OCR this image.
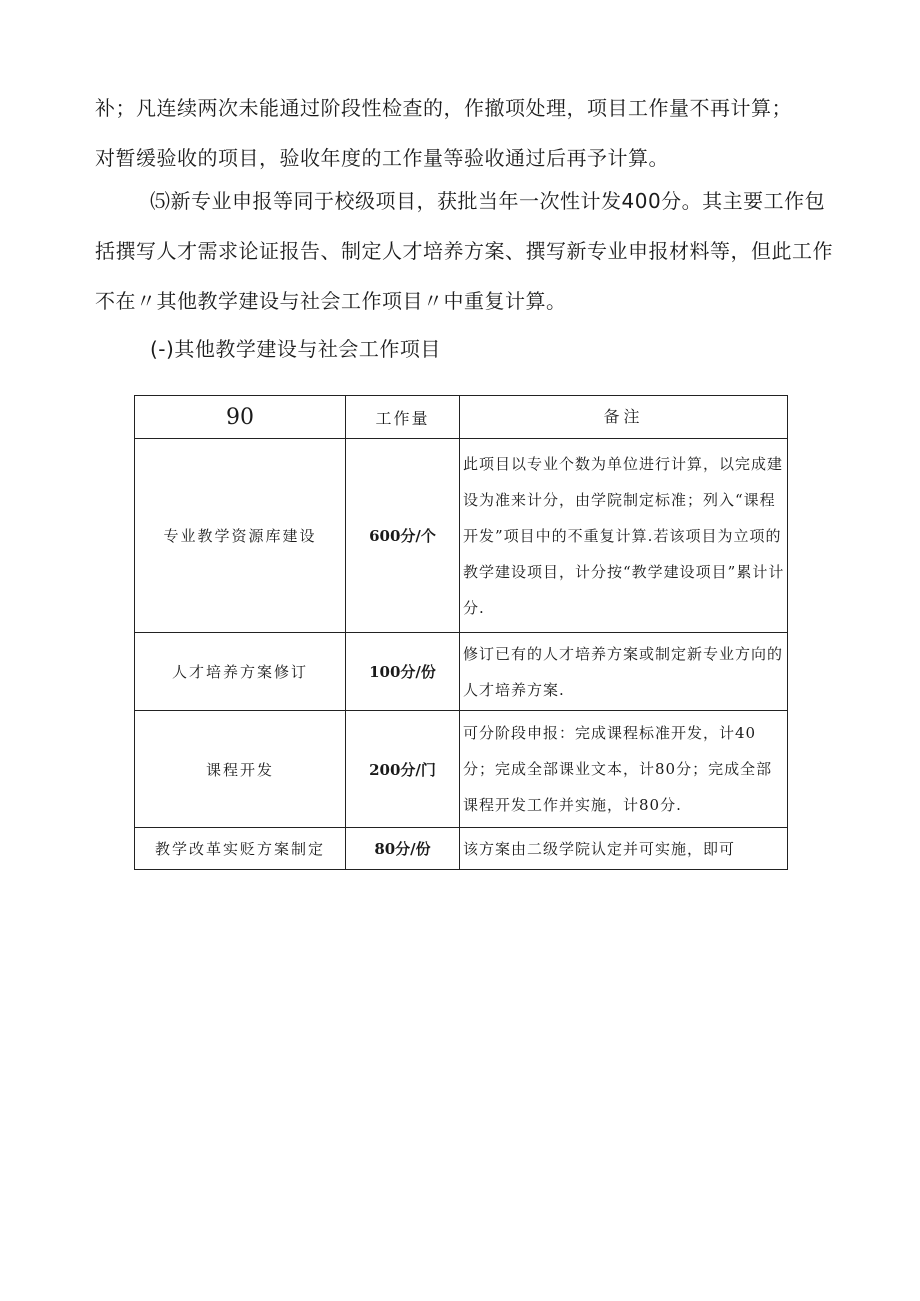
补；凡连续两次未能通过阶段性检查的，作撤项处理，项目工作量不再计算；
对暂缓验收的项目，验收年度的工作量等验收通过后再予计算。
⑸新专业申报等同于校级项目，获批当年一次性计发400分。其主要工作包
括撰写人才需求论证报告、制定人才培养方案、撰写新专业申报材料等，但此工作
不在〃其他教学建设与社会工作项目〃中重复计算。
(-)其他教学建设与社会工作项目
90	工作量	备注
专业教学资源库建设	600分/个	此项目以专业个数为单位进行计算，以完成建设为准来计分，由学院制定标准；列入“课程开发”项目中的不重复计算.若该项目为立项的教学建设项目，计分按“教学建设项目”累计计分.
人才培养方案修订	100分/份	修订已有的人才培养方案或制定新专业方向的人才培养方案.
课程开发	200分/门	可分阶段申报：完成课程标准开发，计40分；完成全部课业文本，计80分；完成全部课程开发工作并实施，计80分.
教学改革实贬方案制定	80分/份	该方案由二级学院认定并可实施，即可
